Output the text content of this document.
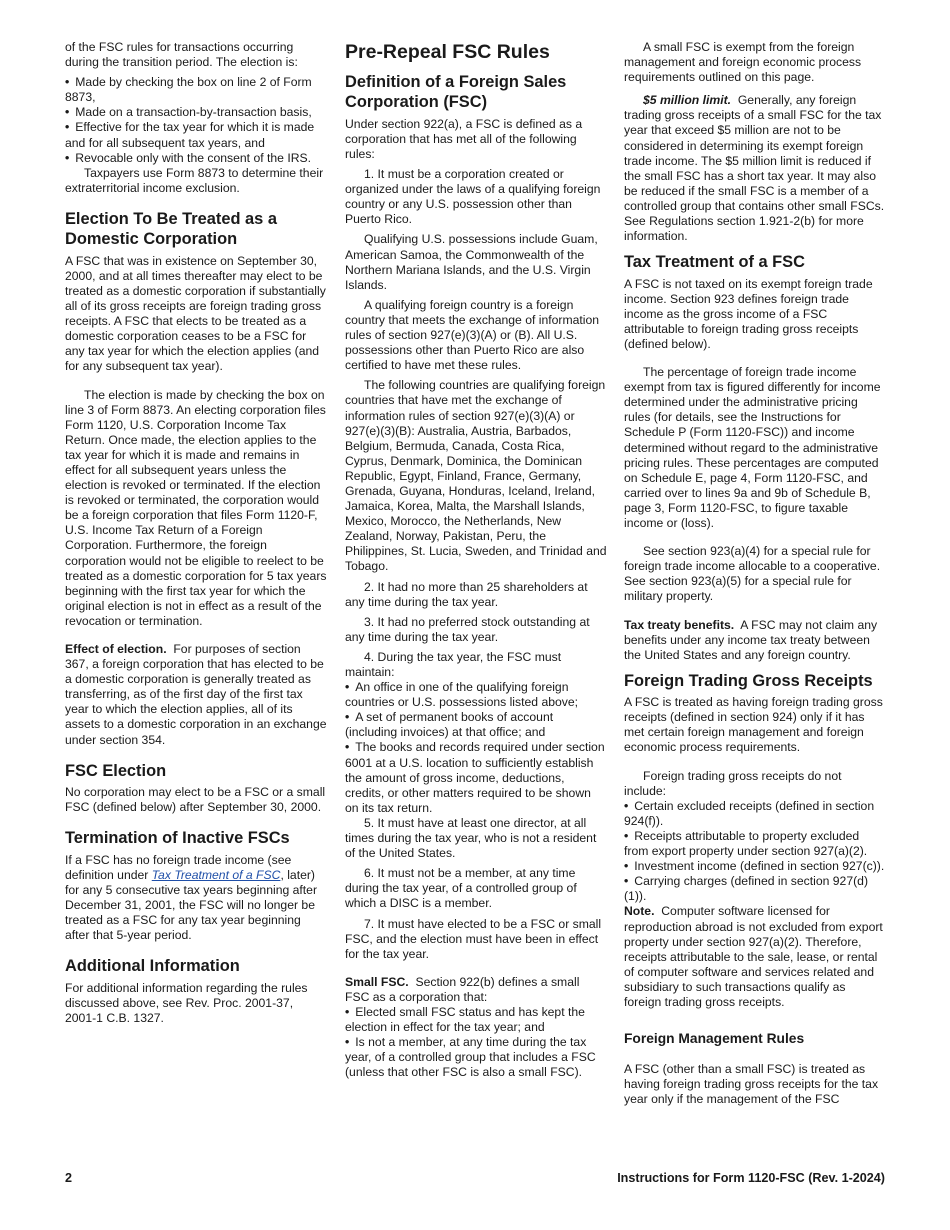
of the FSC rules for transactions occurring during the transition period. The election is:

• Made by checking the box on line 2 of Form 8873,
• Made on a transaction-by-transaction basis,
• Effective for the tax year for which it is made and for all subsequent tax years, and
• Revocable only with the consent of the IRS.

Taxpayers use Form 8873 to determine their extraterritorial income exclusion.

Election To Be Treated as a Domestic Corporation

A FSC that was in existence on September 30, 2000, and at all times thereafter may elect to be treated as a domestic corporation if substantially all of its gross receipts are foreign trading gross receipts. A FSC that elects to be treated as a domestic corporation ceases to be a FSC for any tax year for which the election applies (and for any subsequent tax year).

The election is made by checking the box on line 3 of Form 8873. An electing corporation files Form 1120, U.S. Corporation Income Tax Return. Once made, the election applies to the tax year for which it is made and remains in effect for all subsequent years unless the election is revoked or terminated. If the election is revoked or terminated, the corporation would be a foreign corporation that files Form 1120-F, U.S. Income Tax Return of a Foreign Corporation. Furthermore, the foreign corporation would not be eligible to reelect to be treated as a domestic corporation for 5 tax years beginning with the first tax year for which the original election is not in effect as a result of the revocation or termination.

Effect of election. For purposes of section 367, a foreign corporation that has elected to be a domestic corporation is generally treated as transferring, as of the first day of the first tax year to which the election applies, all of its assets to a domestic corporation in an exchange under section 354.

FSC Election

No corporation may elect to be a FSC or a small FSC (defined below) after September 30, 2000.

Termination of Inactive FSCs

If a FSC has no foreign trade income (see definition under Tax Treatment of a FSC, later) for any 5 consecutive tax years beginning after December 31, 2001, the FSC will no longer be treated as a FSC for any tax year beginning after that 5-year period.

Additional Information

For additional information regarding the rules discussed above, see Rev. Proc. 2001-37, 2001-1 C.B. 1327.

Pre-Repeal FSC Rules
Definition of a Foreign Sales Corporation (FSC)

Under section 922(a), a FSC is defined as a corporation that has met all of the following rules:

1. It must be a corporation created or organized under the laws of a qualifying foreign country or any U.S. possession other than Puerto Rico.

Qualifying U.S. possessions include Guam, American Samoa, the Commonwealth of the Northern Mariana Islands, and the U.S. Virgin Islands.

A qualifying foreign country is a foreign country that meets the exchange of information rules of section 927(e)(3)(A) or (B). All U.S. possessions other than Puerto Rico are also certified to have met these rules.

The following countries are qualifying foreign countries that have met the exchange of information rules of section 927(e)(3)(A) or 927(e)(3)(B): Australia, Austria, Barbados, Belgium, Bermuda, Canada, Costa Rica, Cyprus, Denmark, Dominica, the Dominican Republic, Egypt, Finland, France, Germany, Grenada, Guyana, Honduras, Iceland, Ireland, Jamaica, Korea, Malta, the Marshall Islands, Mexico, Morocco, the Netherlands, New Zealand, Norway, Pakistan, Peru, the Philippines, St. Lucia, Sweden, and Trinidad and Tobago.

2. It had no more than 25 shareholders at any time during the tax year.

3. It had no preferred stock outstanding at any time during the tax year.

4. During the tax year, the FSC must maintain:

• An office in one of the qualifying foreign countries or U.S. possessions listed above;
• A set of permanent books of account (including invoices) at that office; and
• The books and records required under section 6001 at a U.S. location to sufficiently establish the amount of gross income, deductions, credits, or other matters required to be shown on its tax return.

5. It must have at least one director, at all times during the tax year, who is not a resident of the United States.

6. It must not be a member, at any time during the tax year, of a controlled group of which a DISC is a member.

7. It must have elected to be a FSC or small FSC, and the election must have been in effect for the tax year.

Small FSC. Section 922(b) defines a small FSC as a corporation that:

• Elected small FSC status and has kept the election in effect for the tax year; and
• Is not a member, at any time during the tax year, of a controlled group that includes a FSC (unless that other FSC is also a small FSC).

A small FSC is exempt from the foreign management and foreign economic process requirements outlined on this page.

$5 million limit. Generally, any foreign trading gross receipts of a small FSC for the tax year that exceed $5 million are not to be considered in determining its exempt foreign trade income. The $5 million limit is reduced if the small FSC has a short tax year. It may also be reduced if the small FSC is a member of a controlled group that contains other small FSCs. See Regulations section 1.921-2(b) for more information.

Tax Treatment of a FSC

A FSC is not taxed on its exempt foreign trade income. Section 923 defines foreign trade income as the gross income of a FSC attributable to foreign trading gross receipts (defined below).

The percentage of foreign trade income exempt from tax is figured differently for income determined under the administrative pricing rules (for details, see the Instructions for Schedule P (Form 1120-FSC)) and income determined without regard to the administrative pricing rules. These percentages are computed on Schedule E, page 4, Form 1120-FSC, and carried over to lines 9a and 9b of Schedule B, page 3, Form 1120-FSC, to figure taxable income or (loss).

See section 923(a)(4) for a special rule for foreign trade income allocable to a cooperative. See section 923(a)(5) for a special rule for military property.

Tax treaty benefits. A FSC may not claim any benefits under any income tax treaty between the United States and any foreign country.

Foreign Trading Gross Receipts

A FSC is treated as having foreign trading gross receipts (defined in section 924) only if it has met certain foreign management and foreign economic process requirements.

Foreign trading gross receipts do not include:

• Certain excluded receipts (defined in section 924(f)).
• Receipts attributable to property excluded from export property under section 927(a)(2).
• Investment income (defined in section 927(c)).
• Carrying charges (defined in section 927(d)(1)).

Note. Computer software licensed for reproduction abroad is not excluded from export property under section 927(a)(2). Therefore, receipts attributable to the sale, lease, or rental of computer software and services related and subsidiary to such transactions qualify as foreign trading gross receipts.

Foreign Management Rules

A FSC (other than a small FSC) is treated as having foreign trading gross receipts for the tax year only if the management of the FSC

2	Instructions for Form 1120-FSC (Rev. 1-2024)
